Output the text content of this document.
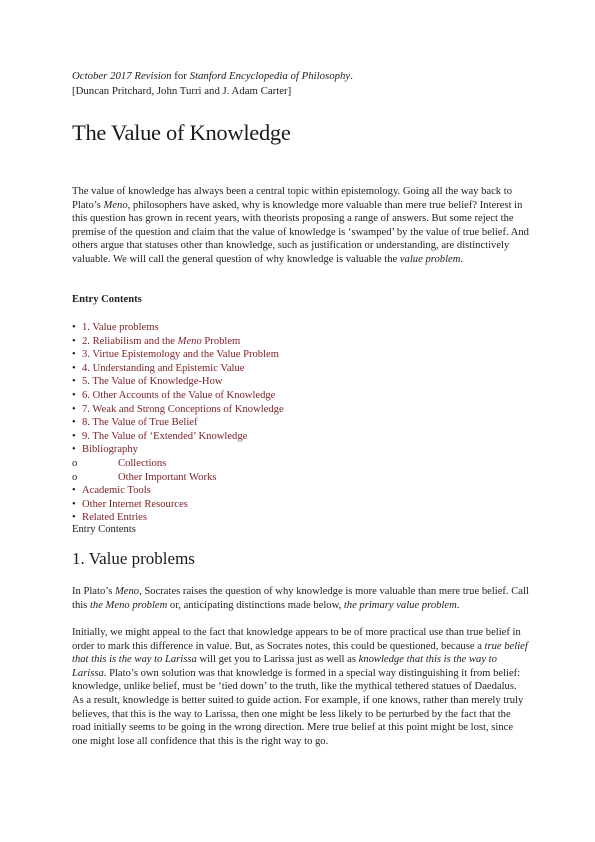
October 2017 Revision for Stanford Encyclopedia of Philosophy.
[Duncan Pritchard, John Turri and J. Adam Carter]
The Value of Knowledge

The value of knowledge has always been a central topic within epistemology. Going all the way back to Plato’s Meno, philosophers have asked, why is knowledge more valuable than mere true belief? Interest in this question has grown in recent years, with theorists proposing a range of answers. But some reject the premise of the question and claim that the value of knowledge is ‘swamped’ by the value of true belief. And others argue that statuses other than knowledge, such as justification or understanding, are distinctively valuable. We will call the general question of why knowledge is valuable the value problem.

Entry Contents

• 1. Value problems
• 2. Reliabilism and the Meno Problem
• 3. Virtue Epistemology and the Value Problem
• 4. Understanding and Epistemic Value
• 5. The Value of Knowledge-How
• 6. Other Accounts of the Value of Knowledge
• 7. Weak and Strong Conceptions of Knowledge
• 8. The Value of True Belief
• 9. The Value of ‘Extended’ Knowledge
• Bibliography
o	Collections
o	Other Important Works
• Academic Tools
• Other Internet Resources
• Related Entries

Entry Contents

1. Value problems

In Plato’s Meno, Socrates raises the question of why knowledge is more valuable than mere true belief. Call this the Meno problem or, anticipating distinctions made below, the primary value problem.

Initially, we might appeal to the fact that knowledge appears to be of more practical use than true belief in order to mark this difference in value. But, as Socrates notes, this could be questioned, because a true belief that this is the way to Larissa will get you to Larissa just as well as knowledge that this is the way to Larissa. Plato’s own solution was that knowledge is formed in a special way distinguishing it from belief: knowledge, unlike belief, must be ‘tied down’ to the truth, like the mythical tethered statues of Daedalus. As a result, knowledge is better suited to guide action. For example, if one knows, rather than merely truly believes, that this is the way to Larissa, then one might be less likely to be perturbed by the fact that the road initially seems to be going in the wrong direction. Mere true belief at this point might be lost, since one might lose all confidence that this is the right way to go.
